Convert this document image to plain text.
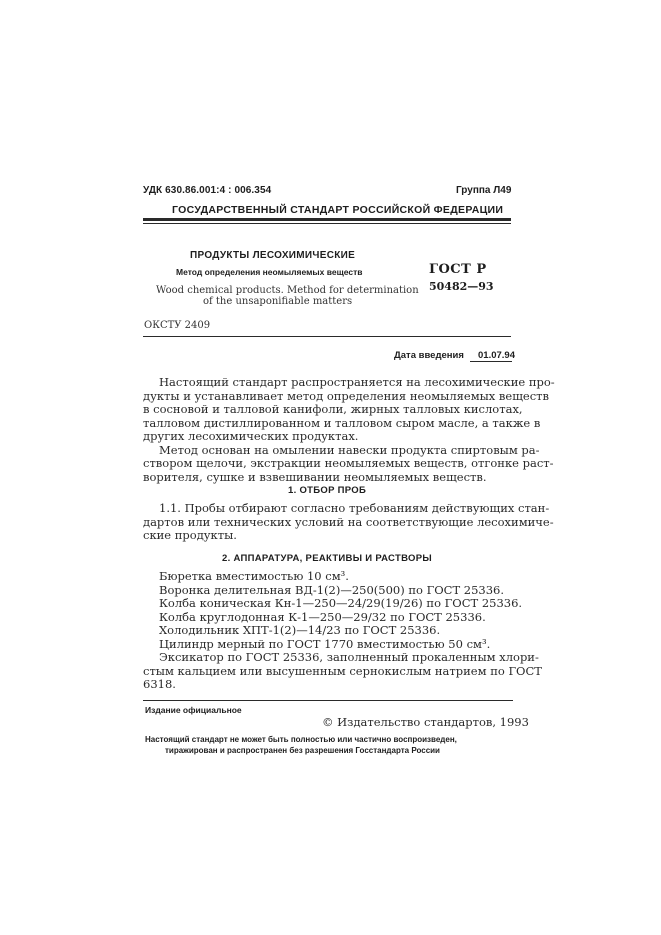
УДК 630.86.001:4 : 006.354	Группа Л49
ГОСУДАРСТВЕННЫЙ СТАНДАРТ РОССИЙСКОЙ ФЕДЕРАЦИИ
ПРОДУКТЫ ЛЕСОХИМИЧЕСКИЕ
Метод определения неомыляемых веществ
Wood chemical products. Method for determination
of the unsaponifiable matters
ГОСТ Р
50482—93
ОКСТУ 2409
Дата введения 01.07.94
Настоящий стандарт распространяется на лесохимические про-
дукты и устанавливает метод определения неомыляемых веществ
в сосновой и талловой канифоли, жирных талловых кислотах,
талловом дистиллированном и талловом сыром масле, а также в
других лесохимических продуктах.
Метод основан на омылении навески продукта спиртовым ра-
створом щелочи, экстракции неомыляемых веществ, отгонке раст-
ворителя, сушке и взвешивании неомыляемых веществ.
1. ОТБОР ПРОБ
1.1. Пробы отбирают согласно требованиям действующих стан-
дартов или технических условий на соответствующие лесохимиче-
ские продукты.
2. АППАРАТУРА, РЕАКТИВЫ И РАСТВОРЫ
Бюретка вместимостью 10 см³.
Воронка делительная ВД-1(2)—250(500) по ГОСТ 25336.
Колба коническая Кн-1—250—24/29(19/26) по ГОСТ 25336.
Колба круглодонная К-1—250—29/32 по ГОСТ 25336.
Холодильник ХПТ-1(2)—14/23 по ГОСТ 25336.
Цилиндр мерный по ГОСТ 1770 вместимостью 50 см³.
Эксикатор по ГОСТ 25336, заполненный прокаленным хлори-
стым кальцием или высушенным сернокислым натрием по ГОСТ
6318.
Издание официальное
© Издательство стандартов, 1993
Настоящий стандарт не может быть полностью или частично воспроизведен,
тиражирован и распространен без разрешения Госстандарта России
